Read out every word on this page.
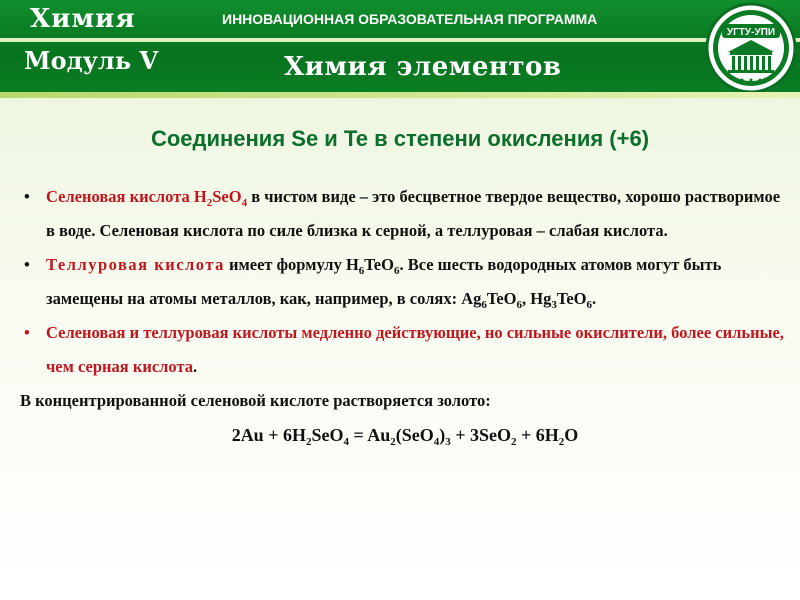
Химия	ИННОВАЦИОННАЯ ОБРАЗОВАТЕЛЬНАЯ ПРОГРАММА
Модуль V	Химия элементов
УГТУ-УПИ
Соединения Se и Te в степени окисления (+6)
• Селеновая кислота $H_2SeO_4$ в чистом виде – это бесцветное твердое вещество, хорошо растворимое в воде. Селеновая кислота по силе близка к серной, а теллуровая – слабая кислота.
• Теллуровая кислота имеет формулу $H_6TeO_6$. Все шесть водородных атомов могут быть замещены на атомы металлов, как, например, в солях: $Ag_6TeO_6$, $Hg_3TeO_6$.
• Селеновая и теллуровая кислоты медленно действующие, но сильные окислители, более сильные, чем серная кислота.
В концентрированной селеновой кислоте растворяется золото:
$2Au + 6H_2SeO_4 = Au_2(SeO_4)_3 + 3SeO_2 + 6H_2O$
